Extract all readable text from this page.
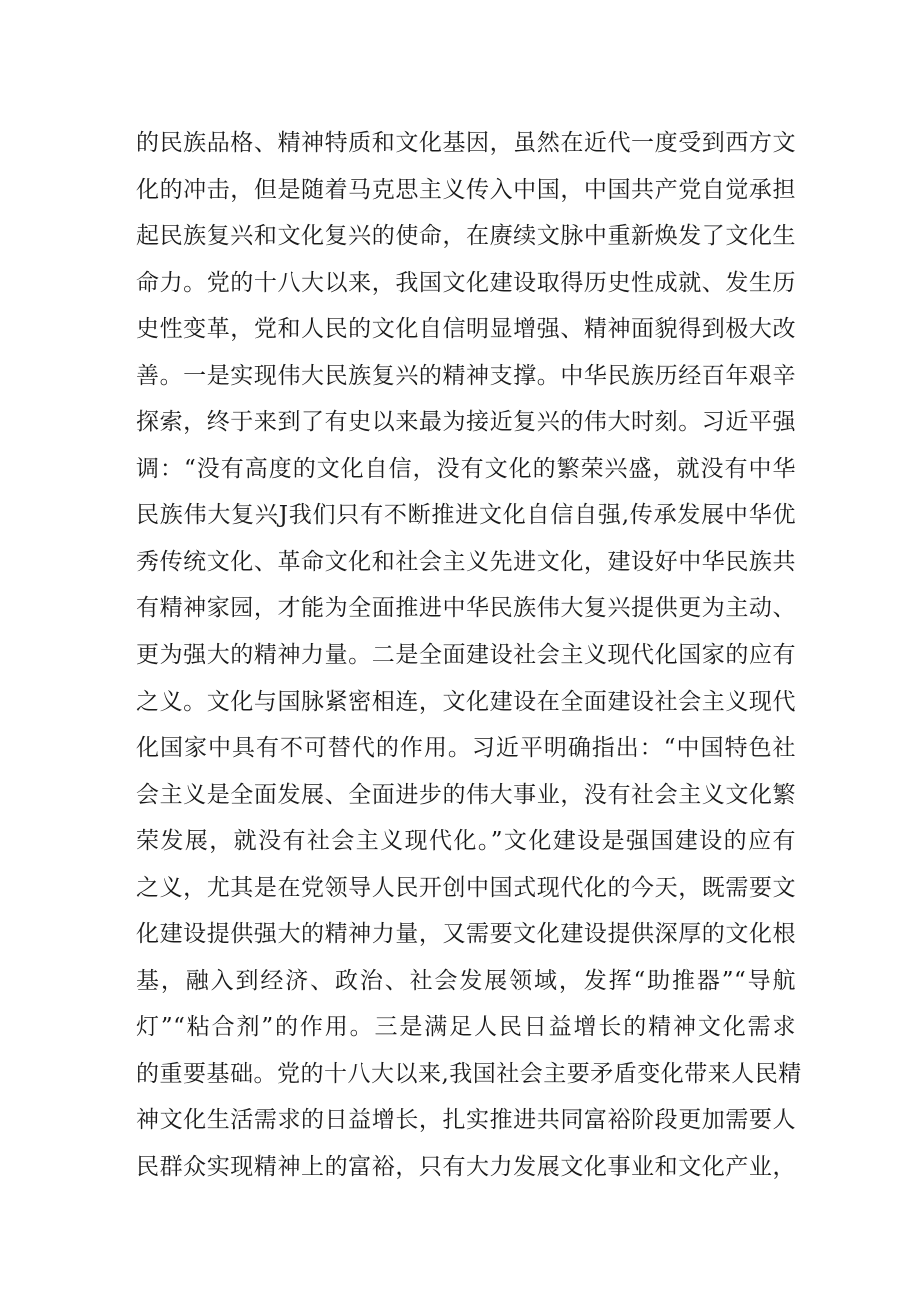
的民族品格、精神特质和文化基因，虽然在近代一度受到西方文
化的冲击，但是随着马克思主义传入中国，中国共产党自觉承担
起民族复兴和文化复兴的使命，在赓续文脉中重新焕发了文化生
命力。党的十八大以来，我国文化建设取得历史性成就、发生历
史性变革，党和人民的文化自信明显增强、精神面貌得到极大改
善。一是实现伟大民族复兴的精神支撑。中华民族历经百年艰辛
探索，终于来到了有史以来最为接近复兴的伟大时刻。习近平强
调：“没有高度的文化自信，没有文化的繁荣兴盛，就没有中华
民族伟大复兴J我们只有不断推进文化自信自强,传承发展中华优
秀传统文化、革命文化和社会主义先进文化，建设好中华民族共
有精神家园，才能为全面推进中华民族伟大复兴提供更为主动、
更为强大的精神力量。二是全面建设社会主义现代化国家的应有
之义。文化与国脉紧密相连，文化建设在全面建设社会主义现代
化国家中具有不可替代的作用。习近平明确指出：“中国特色社
会主义是全面发展、全面进步的伟大事业，没有社会主义文化繁
荣发展，就没有社会主义现代化。”文化建设是强国建设的应有
之义，尤其是在党领导人民开创中国式现代化的今天，既需要文
化建设提供强大的精神力量，又需要文化建设提供深厚的文化根
基，融入到经济、政治、社会发展领域，发挥“助推器”“导航
灯”“粘合剂”的作用。三是满足人民日益增长的精神文化需求
的重要基础。党的十八大以来,我国社会主要矛盾变化带来人民精
神文化生活需求的日益增长，扎实推进共同富裕阶段更加需要人
民群众实现精神上的富裕，只有大力发展文化事业和文化产业，
